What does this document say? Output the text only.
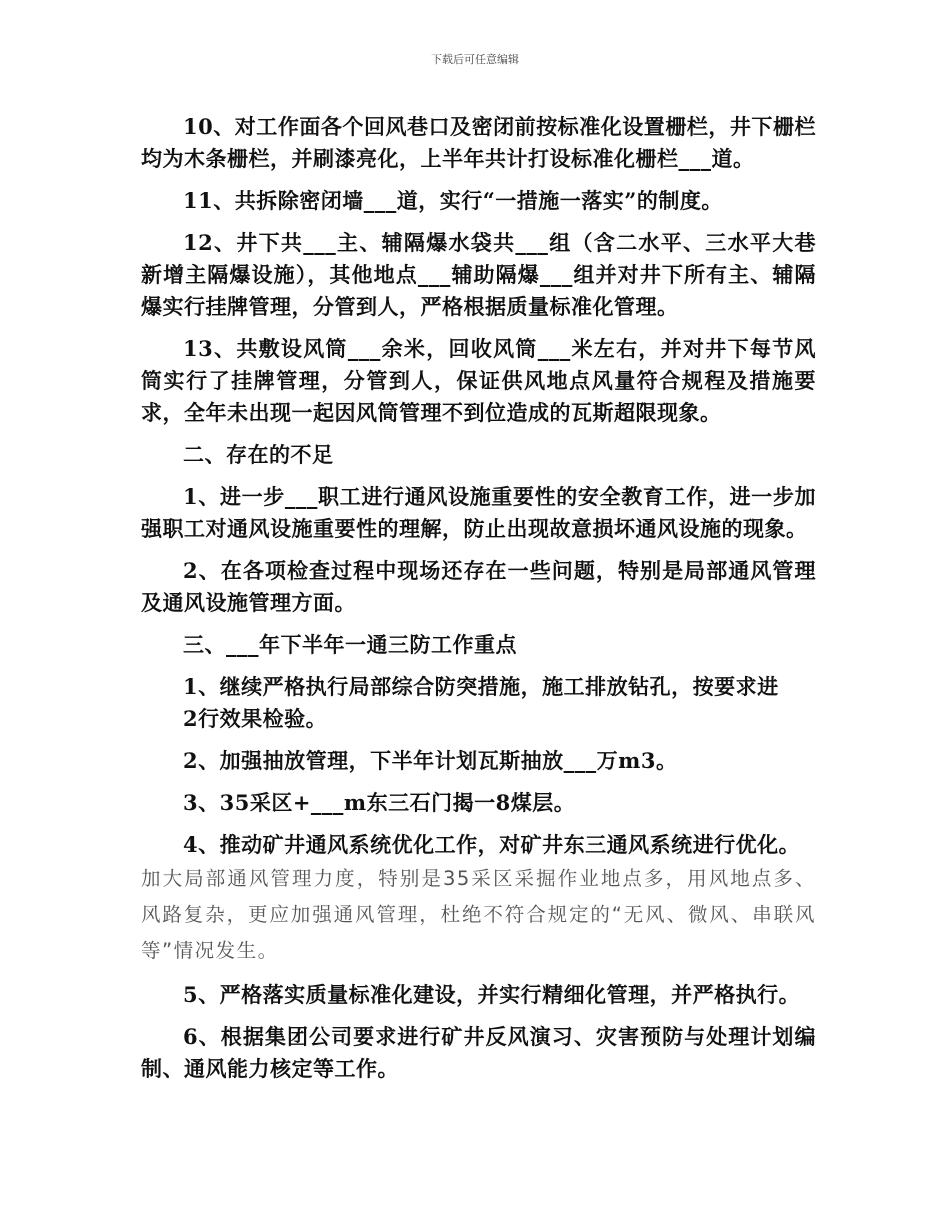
下载后可任意编辑

10、对工作面各个回风巷口及密闭前按标准化设置栅栏，井下栅栏均为木条栅栏，并刷漆亮化，上半年共计打设标准化栅栏___道。

11、共拆除密闭墙___道，实行“一措施一落实”的制度。

12、井下共___主、辅隔爆水袋共___组（含二水平、三水平大巷新增主隔爆设施），其他地点___辅助隔爆___组并对井下所有主、辅隔爆实行挂牌管理，分管到人，严格根据质量标准化管理。

13、共敷设风筒___余米，回收风筒___米左右，并对井下每节风筒实行了挂牌管理，分管到人，保证供风地点风量符合规程及措施要求，全年未出现一起因风筒管理不到位造成的瓦斯超限现象。

二、存在的不足

1、进一步___职工进行通风设施重要性的安全教育工作，进一步加强职工对通风设施重要性的理解，防止出现故意损坏通风设施的现象。

2、在各项检查过程中现场还存在一些问题，特别是局部通风管理及通风设施管理方面。

三、___年下半年一通三防工作重点

1、继续严格执行局部综合防突措施，施工排放钻孔，按要求进

2行效果检验。

2、加强抽放管理，下半年计划瓦斯抽放___万m3。

3、35采区+___m东三石门揭一8煤层。

4、推动矿井通风系统优化工作，对矿井东三通风系统进行优化。

加大局部通风管理力度，特别是35采区采掘作业地点多，用风地点多、风路复杂，更应加强通风管理，杜绝不符合规定的“无风、微风、串联风等”情况发生。

5、严格落实质量标准化建设，并实行精细化管理，并严格执行。

6、根据集团公司要求进行矿井反风演习、灾害预防与处理计划编制、通风能力核定等工作。
